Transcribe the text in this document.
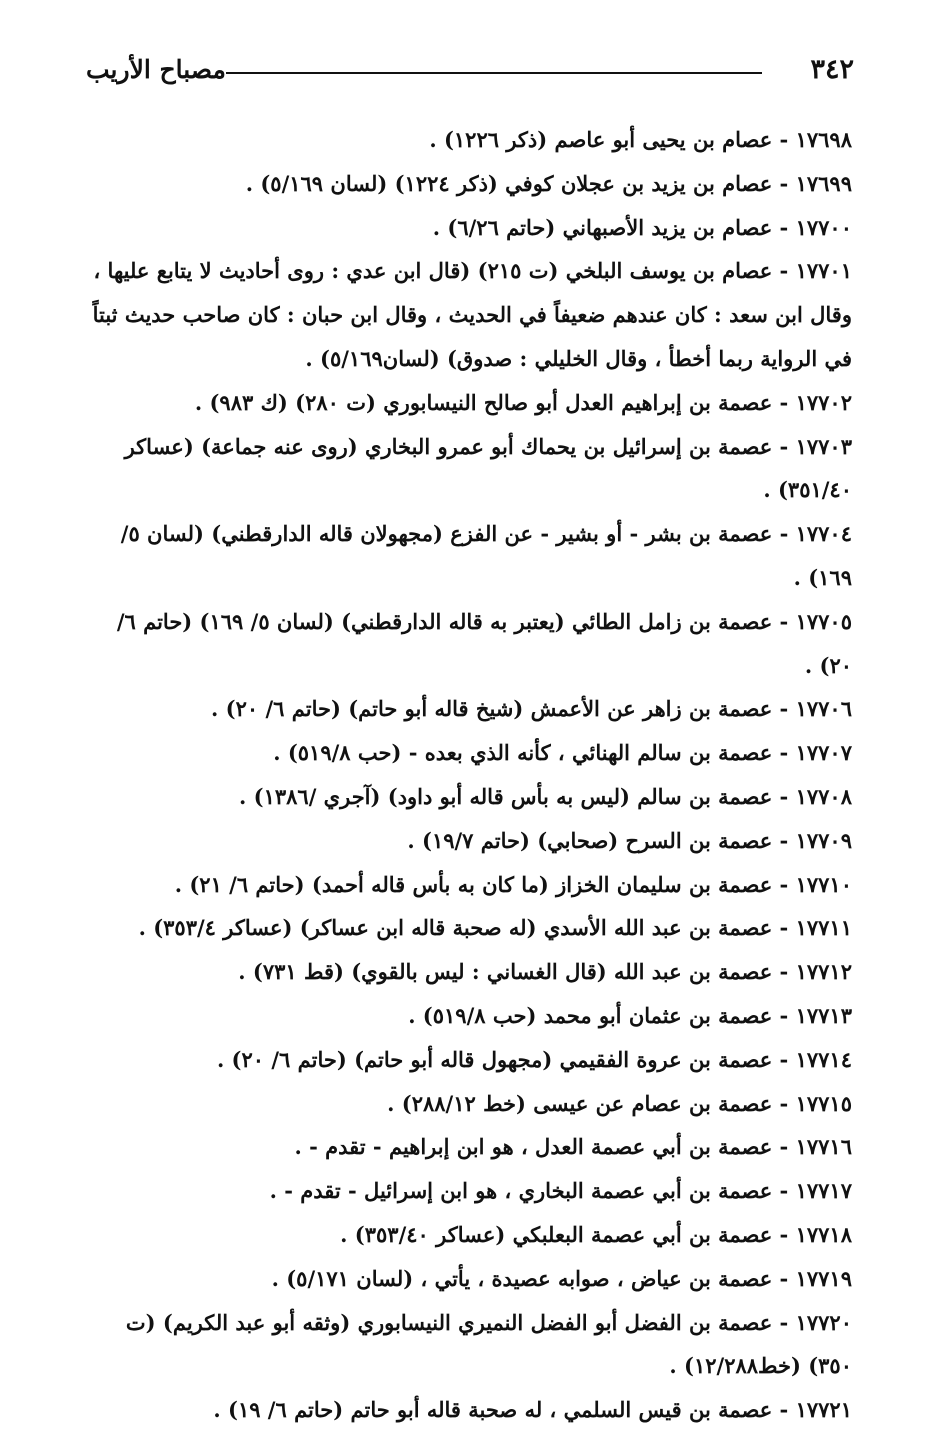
٣٤٢
مصباح الأريب
١٧٦٩٨ - عصام بن يحيى أبو عاصم (ذكر ١٢٢٦) .
١٧٦٩٩ - عصام بن يزيد بن عجلان كوفي (ذكر ١٢٢٤) (لسان ٥/١٦٩) .
١٧٧٠٠ - عصام بن يزيد الأصبهاني (حاتم ٦/٢٦) .
١٧٧٠١ - عصام بن يوسف البلخي (ت ٢١٥) (قال ابن عدي : روى أحاديث لا يتابع عليها ، وقال ابن سعد : كان عندهم ضعيفاً في الحديث ، وقال ابن حبان : كان صاحب حديث ثبتاً في الرواية ربما أخطأ ، وقال الخليلي : صدوق) (لسان٥/١٦٩) .
١٧٧٠٢ - عصمة بن إبراهيم العدل أبو صالح النيسابوري (ت ٢٨٠) (ك ٩٨٣) .
١٧٧٠٣ - عصمة بن إسرائيل بن يحماك أبو عمرو البخاري (روى عنه جماعة) (عساكر ٣٥١/٤٠) .
١٧٧٠٤ - عصمة بن بشر - أو بشير - عن الفزع (مجهولان قاله الدارقطني) (لسان ٥/ ١٦٩) .
١٧٧٠٥ - عصمة بن زامل الطائي (يعتبر به قاله الدارقطني) (لسان ٥/ ١٦٩) (حاتم ٦/ ٢٠) .
١٧٧٠٦ - عصمة بن زاهر عن الأعمش (شيخ قاله أبو حاتم) (حاتم ٦/ ٢٠) .
١٧٧٠٧ - عصمة بن سالم الهنائي ، كأنه الذي بعده - (حب ٥١٩/٨) .
١٧٧٠٨ - عصمة بن سالم (ليس به بأس قاله أبو داود) (آجري /١٣٨٦) .
١٧٧٠٩ - عصمة بن السرح (صحابي) (حاتم ١٩/٧) .
١٧٧١٠ - عصمة بن سليمان الخزاز (ما كان به بأس قاله أحمد) (حاتم ٦/ ٢١) .
١٧٧١١ - عصمة بن عبد الله الأسدي (له صحبة قاله ابن عساكر) (عساكر ٣٥٣/٤) .
١٧٧١٢ - عصمة بن عبد الله (قال الغساني : ليس بالقوي) (قط ٧٣١) .
١٧٧١٣ - عصمة بن عثمان أبو محمد (حب ٥١٩/٨) .
١٧٧١٤ - عصمة بن عروة الفقيمي (مجهول قاله أبو حاتم) (حاتم ٦/ ٢٠) .
١٧٧١٥ - عصمة بن عصام عن عيسى (خط ٢٨٨/١٢) .
١٧٧١٦ - عصمة بن أبي عصمة العدل ، هو ابن إبراهيم - تقدم - .
١٧٧١٧ - عصمة بن أبي عصمة البخاري ، هو ابن إسرائيل - تقدم - .
١٧٧١٨ - عصمة بن أبي عصمة البعلبكي (عساكر ٣٥٣/٤٠) .
١٧٧١٩ - عصمة بن عياض ، صوابه عصيدة ، يأتي ، (لسان ٥/١٧١) .
١٧٧٢٠ - عصمة بن الفضل أبو الفضل النميري النيسابوري (وثقه أبو عبد الكريم) (ت ٣٥٠) (خط١٢/٢٨٨) .
١٧٧٢١ - عصمة بن قيس السلمي ، له صحبة قاله أبو حاتم (حاتم ٦/ ١٩) .
